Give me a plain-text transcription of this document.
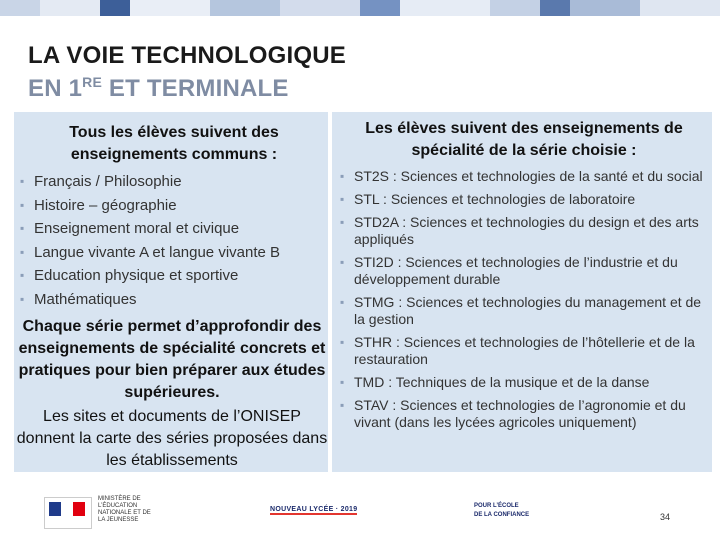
LA VOIE TECHNOLOGIQUE
EN 1RE ET TERMINALE
Tous les élèves suivent des enseignements communs :
▪ Français / Philosophie
▪ Histoire – géographie
▪ Enseignement moral et civique
▪ Langue vivante A et langue vivante B
▪ Education physique et sportive
▪ Mathématiques
Chaque série permet d’approfondir des enseignements de spécialité concrets et pratiques pour bien préparer aux études supérieures.
Les sites et documents de l’ONISEP donnent la carte des séries proposées dans les établissements
Les élèves suivent des enseignements de spécialité de la série choisie :
▪ ST2S : Sciences et technologies de la santé et du social
▪ STL : Sciences et technologies de laboratoire
▪ STD2A : Sciences et technologies du design et des arts appliqués
▪ STI2D : Sciences et technologies de l’industrie et du développement durable
▪ STMG : Sciences et technologies du management et de la gestion
▪ STHR : Sciences et technologies de l’hôtellerie et de la restauration
▪ TMD : Techniques de la musique et de la danse
▪ STAV : Sciences et technologies de l’agronomie et du vivant (dans les lycées agricoles uniquement)
MINISTÈRE DE L’ÉDUCATION NATIONALE ET DE LA JEUNESSE
NOUVEAU LYCÉE · 2019	POUR L’ÉCOLE
DE LA CONFIANCE	34
